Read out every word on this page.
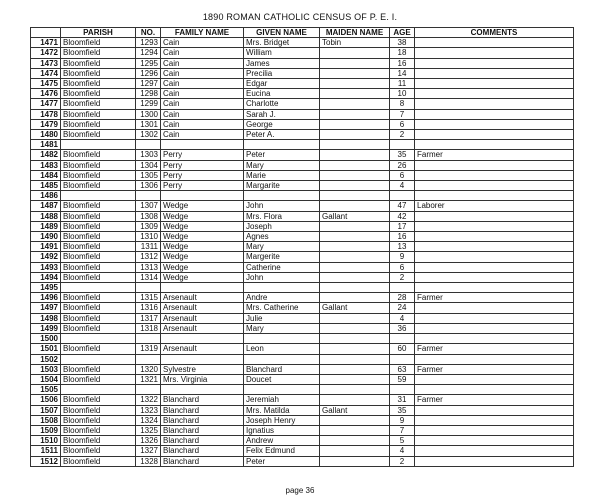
1890 ROMAN CATHOLIC CENSUS OF P. E. I.
	PARISH	NO.	FAMILY NAME	GIVEN NAME	MAIDEN NAME	AGE	COMMENTS
1471	Bloomfield	1293	Cain	Mrs. Bridget	Tobin	38	
1472	Bloomfield	1294	Cain	William		18	
1473	Bloomfield	1295	Cain	James		16	
1474	Bloomfield	1296	Cain	Precilia		14	
1475	Bloomfield	1297	Cain	Edgar		11	
1476	Bloomfield	1298	Cain	Eucina		10	
1477	Bloomfield	1299	Cain	Charlotte		8	
1478	Bloomfield	1300	Cain	Sarah J.		7	
1479	Bloomfield	1301	Cain	George		6	
1480	Bloomfield	1302	Cain	Peter A.		2	
1481							
1482	Bloomfield	1303	Perry	Peter		35	Farmer
1483	Bloomfield	1304	Perry	Mary		26	
1484	Bloomfield	1305	Perry	Marie		6	
1485	Bloomfield	1306	Perry	Margarite		4	
1486							
1487	Bloomfield	1307	Wedge	John		47	Laborer
1488	Bloomfield	1308	Wedge	Mrs. Flora	Gallant	42	
1489	Bloomfield	1309	Wedge	Joseph		17	
1490	Bloomfield	1310	Wedge	Agnes		16	
1491	Bloomfield	1311	Wedge	Mary		13	
1492	Bloomfield	1312	Wedge	Margerite		9	
1493	Bloomfield	1313	Wedge	Catherine		6	
1494	Bloomfield	1314	Wedge	John		2	
1495							
1496	Bloomfield	1315	Arsenault	Andre		28	Farmer
1497	Bloomfield	1316	Arsenault	Mrs. Catherine	Gallant	24	
1498	Bloomfield	1317	Arsenault	Julie		4	
1499	Bloomfield	1318	Arsenault	Mary		36	
1500							
1501	Bloomfield	1319	Arsenault	Leon		60	Farmer
1502							
1503	Bloomfield	1320	Sylvestre	Blanchard		63	Farmer
1504	Bloomfield	1321	Mrs. Virginia	Doucet		59	
1505							
1506	Bloomfield	1322	Blanchard	Jeremiah		31	Farmer
1507	Bloomfield	1323	Blanchard	Mrs. Matilda	Gallant	35	
1508	Bloomfield	1324	Blanchard	Joseph Henry		9	
1509	Bloomfield	1325	Blanchard	Ignatius		7	
1510	Bloomfield	1326	Blanchard	Andrew		5	
1511	Bloomfield	1327	Blanchard	Felix Edmund		4	
1512	Bloomfield	1328	Blanchard	Peter		2	
page 36
